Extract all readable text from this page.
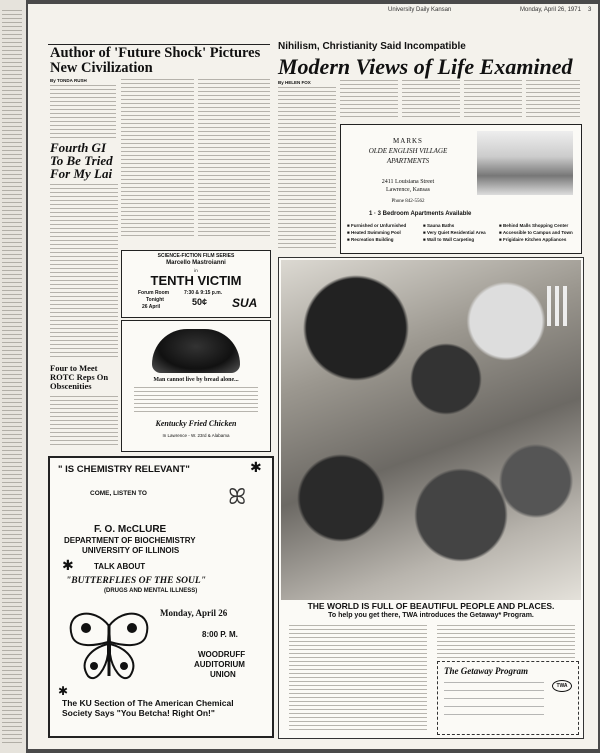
University Daily Kansan	Monday, April 26, 1971 3
Author of 'Future Shock' Pictures New Civilization
By TONDA RUSH
Fourth GI To Be Tried For My Lai
Four to Meet ROTC Reps On Obscenities
SCIENCE-FICTION FILM SERIES
Marcello Mastroianni
in
TENTH VICTIM
Forum Room	7:30 & 9:15 p.m.
Tonight
26 April	50¢ SUA
Man cannot live by bread alone...
Kentucky Fried Chicken
In Lawrence - W. 23rd & Alabama
" IS CHEMISTRY RELEVANT"	✱
COME, LISTEN TO	ꕤ
F. O. McCLURE
DEPARTMENT OF BIOCHEMISTRY
UNIVERSITY OF ILLINOIS
✱	TALK ABOUT
"BUTTERFLIES OF THE SOUL"
(DRUGS AND MENTAL ILLNESS)
Monday, April 26
8:00 P. M.
WOODRUFF
AUDITORIUM
UNION
✱
The KU Section of The American Chemical Society Says "You Betcha! Right On!"
Nihilism, Christianity Said Incompatible
Modern Views of Life Examined
By HELEN FOX
MARKS
OLDE ENGLISH VILLAGE
APARTMENTS
2411 Louisiana Street
Lawrence, Kansas
Phone 842-5562
1 · 3 Bedroom Apartments Available
■ Furnished or Unfurnished	■ Sauna Baths	■ Behind Malls Shopping Center
■ Heated Swimming Pool	■ Very Quiet Residential Area	■ Accessible to Campus and Town
■ Recreation Building	■ Wall to Wall Carpeting	■ Frigidaire Kitchen Appliances
THE WORLD IS FULL OF BEAUTIFUL PEOPLE AND PLACES.
To help you get there, TWA introduces the Getaway* Program.
The Getaway Program
TWA
